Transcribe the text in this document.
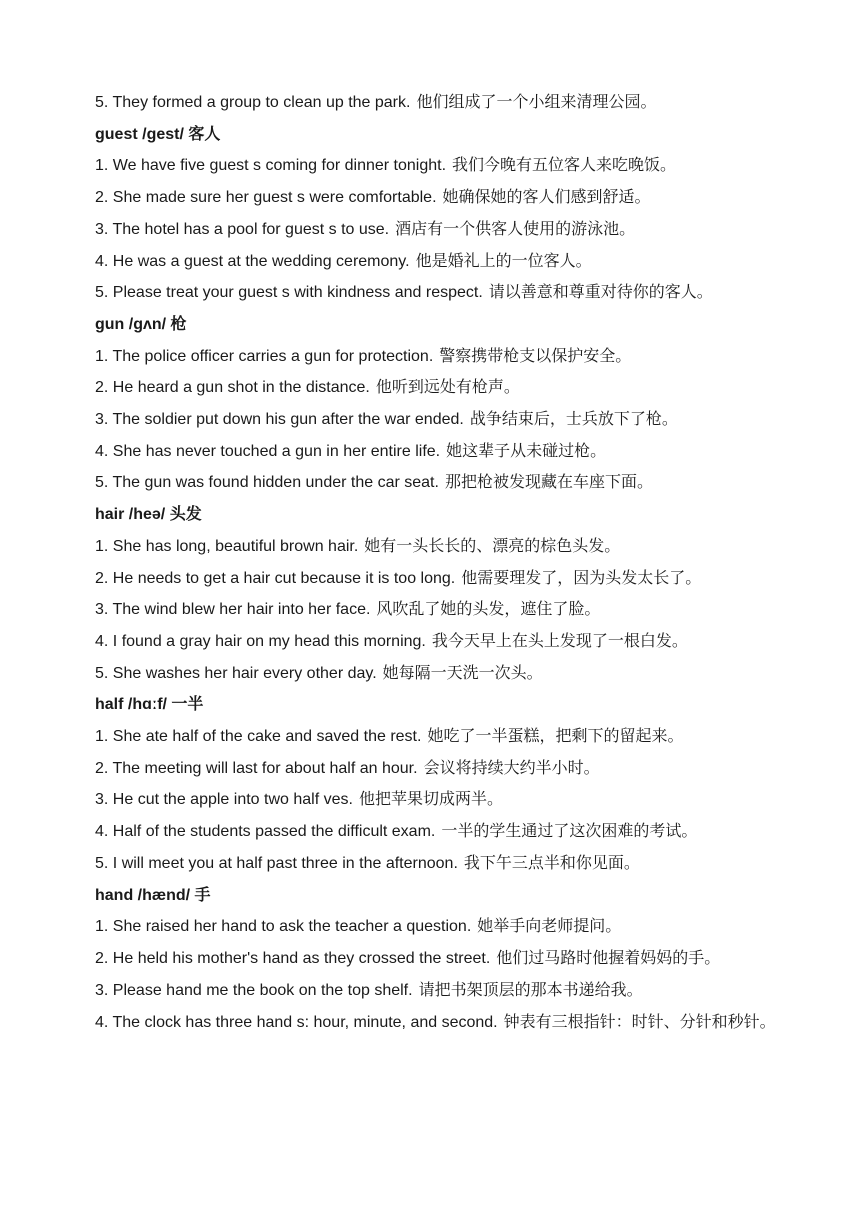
5. They formed a group to clean up the park. 他们组成了一个小组来清理公园。
guest /gest/ 客人
1. We have five guest s coming for dinner tonight. 我们今晚有五位客人来吃晚饭。
2. She made sure her guest s were comfortable. 她确保她的客人们感到舒适。
3. The hotel has a pool for guest s to use. 酒店有一个供客人使用的游泳池。
4. He was a guest at the wedding ceremony. 他是婚礼上的一位客人。
5. Please treat your guest s with kindness and respect. 请以善意和尊重对待你的客人。
gun /gʌn/ 枪
1. The police officer carries a gun for protection. 警察携带枪支以保护安全。
2. He heard a gun shot in the distance. 他听到远处有枪声。
3. The soldier put down his gun after the war ended. 战争结束后，士兵放下了枪。
4. She has never touched a gun in her entire life. 她这辈子从未碰过枪。
5. The gun was found hidden under the car seat. 那把枪被发现藏在车座下面。
hair /heə/ 头发
1. She has long, beautiful brown hair. 她有一头长长的、漂亮的棕色头发。
2. He needs to get a hair cut because it is too long. 他需要理发了，因为头发太长了。
3. The wind blew her hair into her face. 风吹乱了她的头发，遮住了脸。
4. I found a gray hair on my head this morning. 我今天早上在头上发现了一根白发。
5. She washes her hair every other day. 她每隔一天洗一次头。
half /hɑːf/ 一半
1. She ate half of the cake and saved the rest. 她吃了一半蛋糕，把剩下的留起来。
2. The meeting will last for about half an hour. 会议将持续大约半小时。
3. He cut the apple into two half ves. 他把苹果切成两半。
4. Half of the students passed the difficult exam. 一半的学生通过了这次困难的考试。
5. I will meet you at half past three in the afternoon. 我下午三点半和你见面。
hand /hænd/ 手
1. She raised her hand to ask the teacher a question. 她举手向老师提问。
2. He held his mother's hand as they crossed the street. 他们过马路时他握着妈妈的手。
3. Please hand me the book on the top shelf. 请把书架顶层的那本书递给我。
4. The clock has three hand s: hour, minute, and second. 钟表有三根指针：时针、分针和秒针。
